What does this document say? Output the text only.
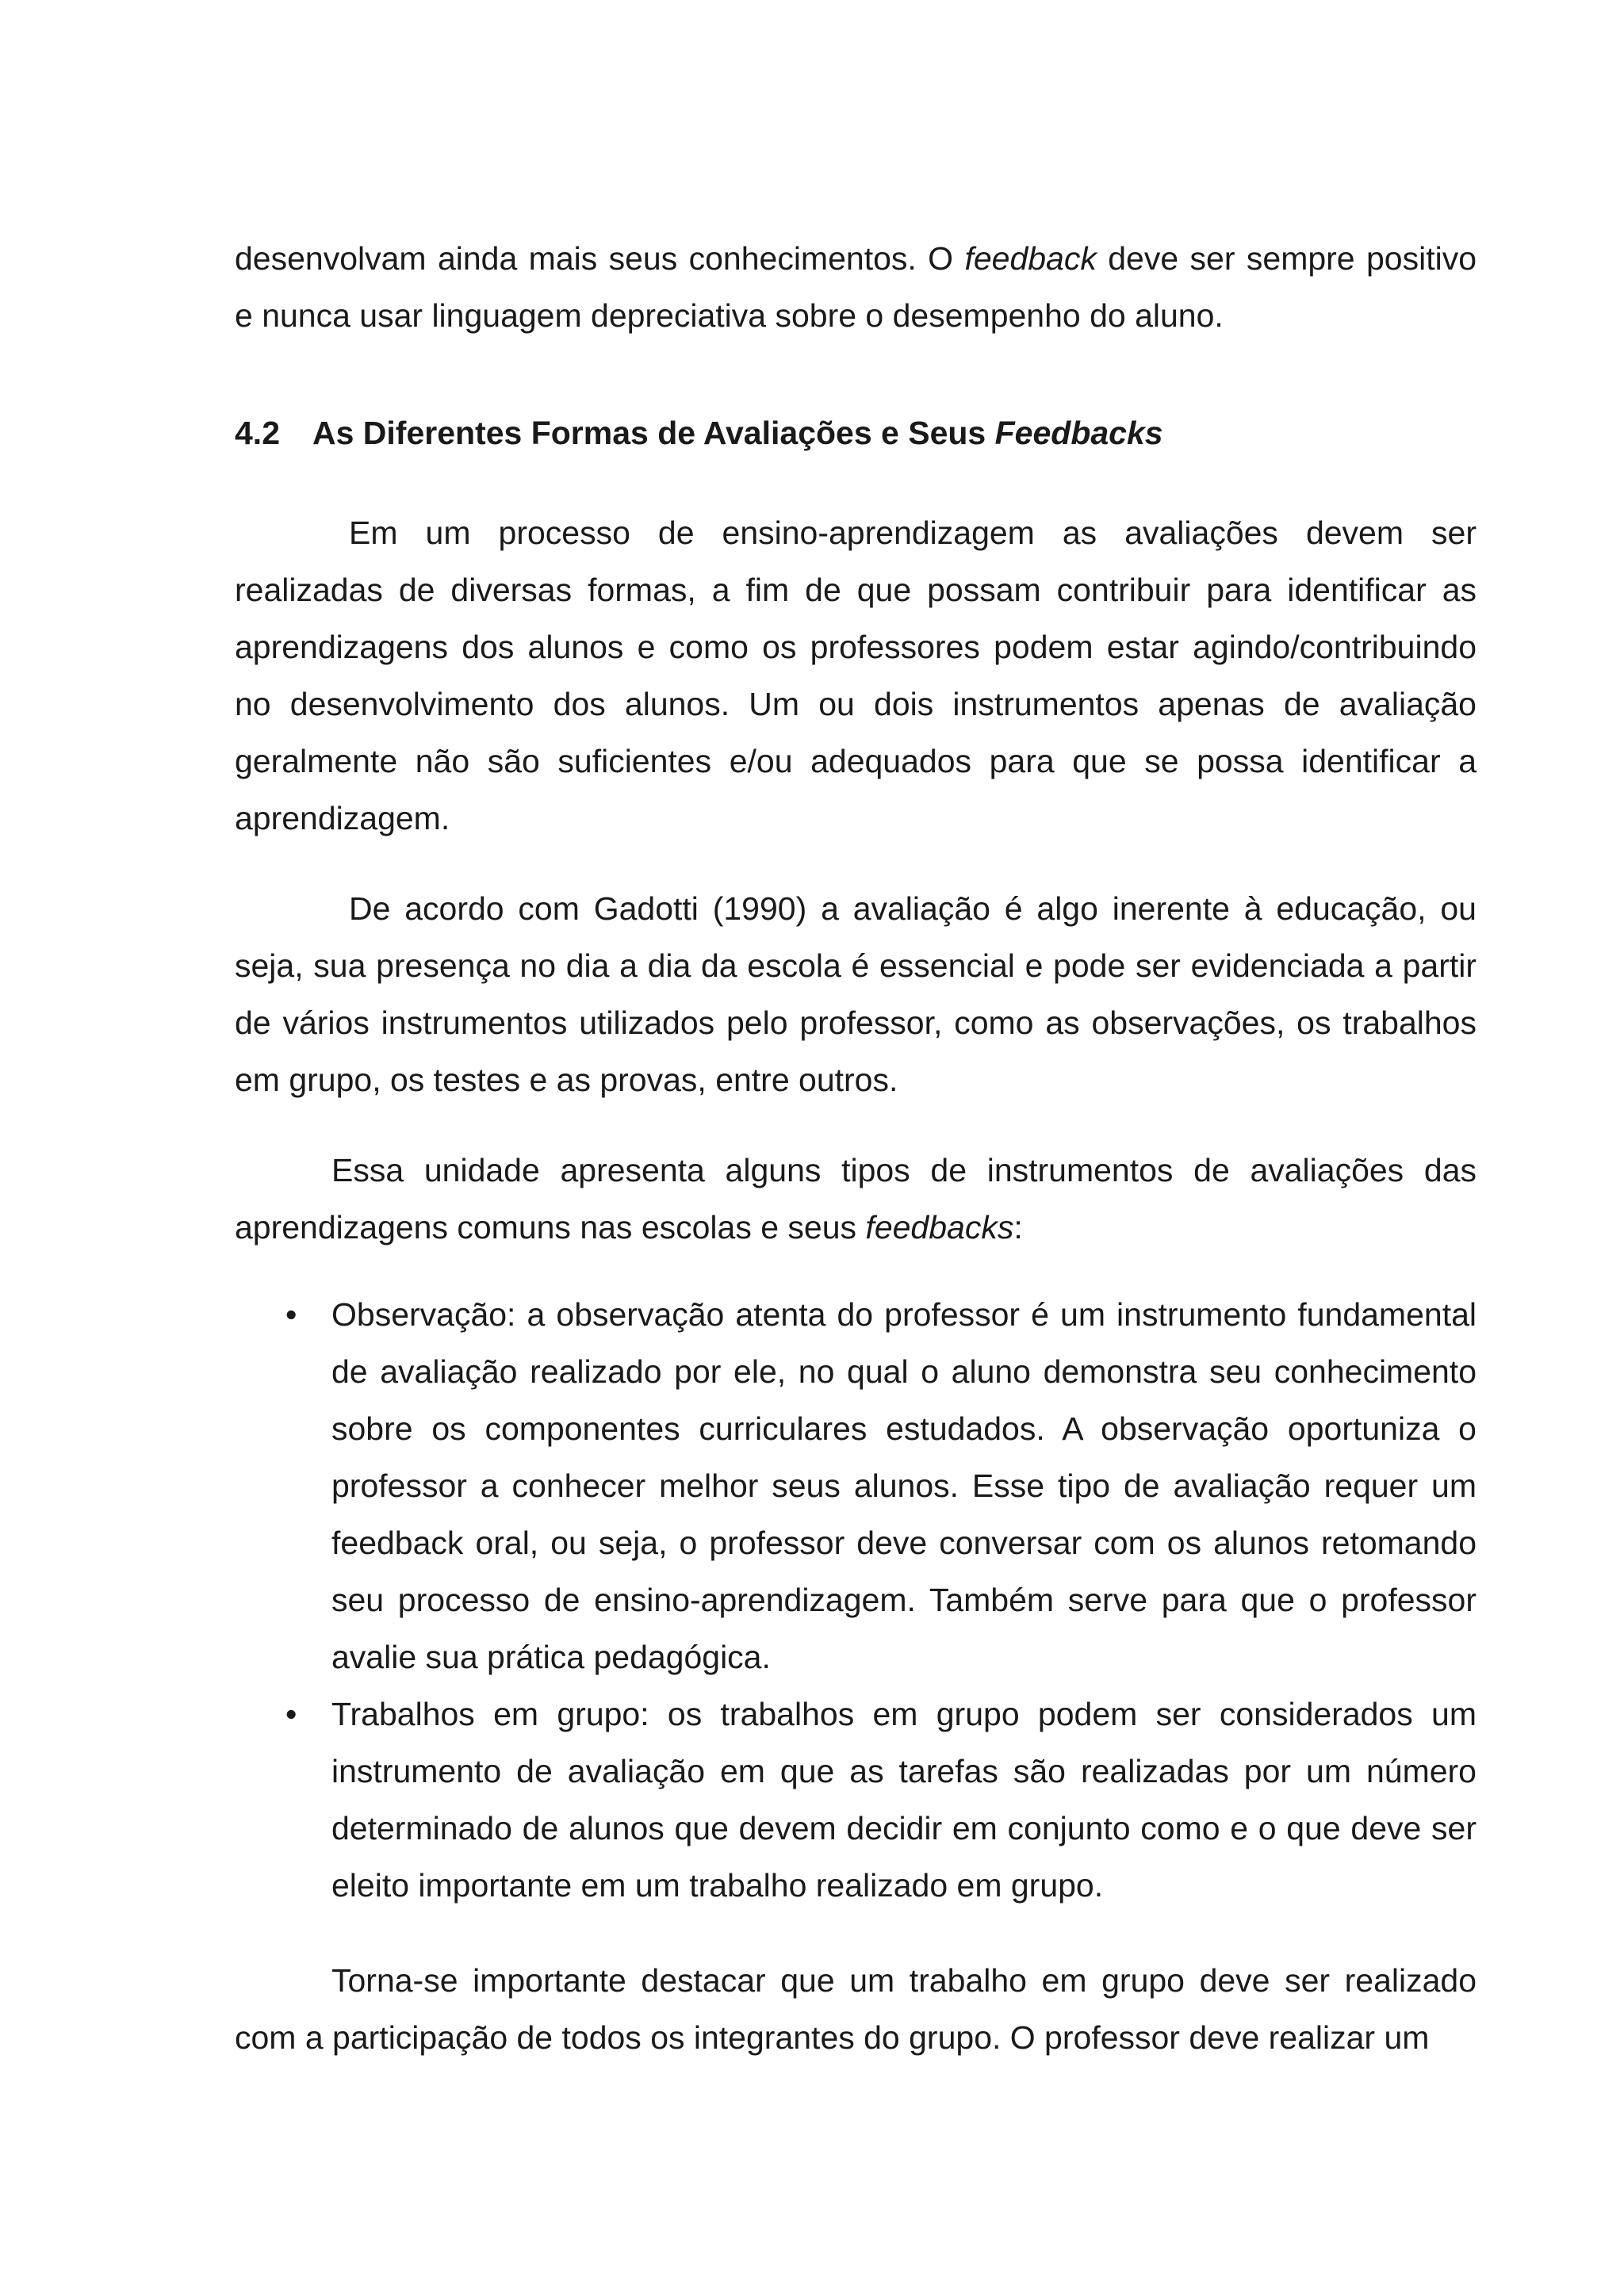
desenvolvam ainda mais seus conhecimentos. O feedback deve ser sempre positivo e nunca usar linguagem depreciativa sobre o desempenho do aluno.

4.2 As Diferentes Formas de Avaliações e Seus Feedbacks

Em um processo de ensino-aprendizagem as avaliações devem ser realizadas de diversas formas, a fim de que possam contribuir para identificar as aprendizagens dos alunos e como os professores podem estar agindo/contribuindo no desenvolvimento dos alunos. Um ou dois instrumentos apenas de avaliação geralmente não são suficientes e/ou adequados para que se possa identificar a aprendizagem.

De acordo com Gadotti (1990) a avaliação é algo inerente à educação, ou seja, sua presença no dia a dia da escola é essencial e pode ser evidenciada a partir de vários instrumentos utilizados pelo professor, como as observações, os trabalhos em grupo, os testes e as provas, entre outros.

Essa unidade apresenta alguns tipos de instrumentos de avaliações das aprendizagens comuns nas escolas e seus feedbacks:

•	Observação: a observação atenta do professor é um instrumento fundamental de avaliação realizado por ele, no qual o aluno demonstra seu conhecimento sobre os componentes curriculares estudados. A observação oportuniza o professor a conhecer melhor seus alunos. Esse tipo de avaliação requer um feedback oral, ou seja, o professor deve conversar com os alunos retomando seu processo de ensino-aprendizagem. Também serve para que o professor avalie sua prática pedagógica.
•	Trabalhos em grupo: os trabalhos em grupo podem ser considerados um instrumento de avaliação em que as tarefas são realizadas por um número determinado de alunos que devem decidir em conjunto como e o que deve ser eleito importante em um trabalho realizado em grupo.

Torna-se importante destacar que um trabalho em grupo deve ser realizado com a participação de todos os integrantes do grupo. O professor deve realizar um
